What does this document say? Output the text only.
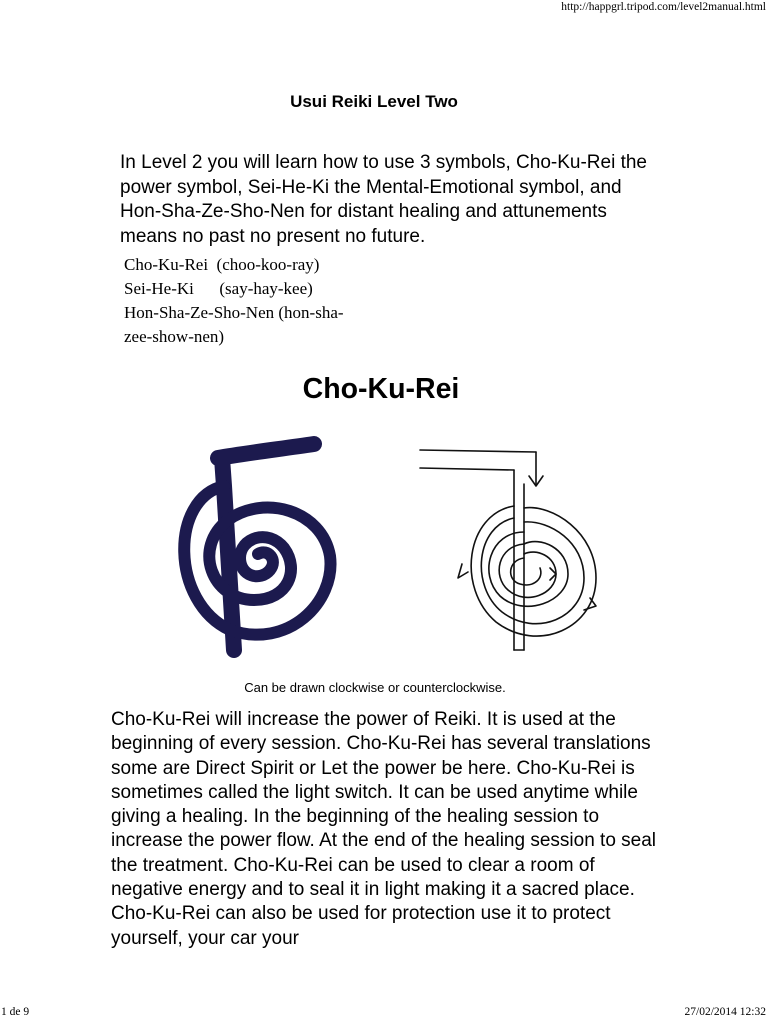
http://happgrl.tripod.com/level2manual.html
Usui Reiki Level Two
In Level 2 you will learn how to use 3 symbols, Cho-Ku-Rei the power symbol, Sei-He-Ki the Mental-Emotional symbol, and Hon-Sha-Ze-Sho-Nen for distant healing and attunements means no past no present no future.
Cho-Ku-Rei  (choo-koo-ray)
Sei-He-Ki      (say-hay-kee)
Hon-Sha-Ze-Sho-Nen (hon-sha-
zee-show-nen)
Cho-Ku-Rei
Can be drawn clockwise or counterclockwise.
Cho-Ku-Rei will increase the power of Reiki. It is used at the beginning of every session. Cho-Ku-Rei has several translations some are Direct Spirit or Let the power be here. Cho-Ku-Rei is sometimes called the light switch. It can be used anytime while giving a healing. In the beginning of the healing session to increase the power flow. At the end of the healing session to seal the treatment. Cho-Ku-Rei can be used to clear a room of negative energy and to seal it in light making it a sacred place. Cho-Ku-Rei can also be used for protection use it to protect yourself, your car your
1 de 9	27/02/2014 12:32
